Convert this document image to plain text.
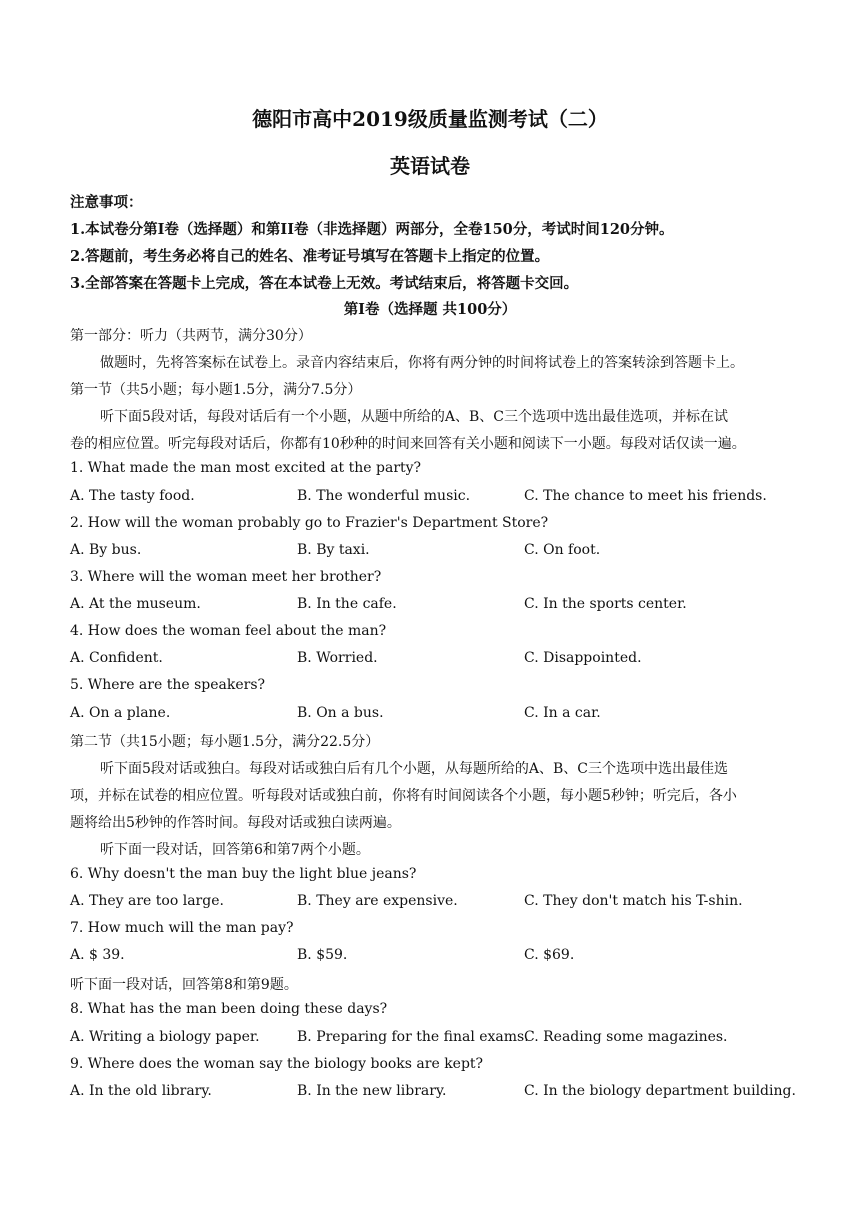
德阳市高中2019级质量监测考试（二）
英语试卷
注意事项：
1.本试卷分第I卷（选择题）和第II卷（非选择题）两部分，全卷150分，考试时间120分钟。
2.答题前，考生务必将自己的姓名、准考证号填写在答题卡上指定的位置。
3.全部答案在答题卡上完成，答在本试卷上无效。考试结束后，将答题卡交回。
第I卷（选择题 共100分）
第一部分：听力（共两节，满分30分）
做题时，先将答案标在试卷上。录音内容结束后，你将有两分钟的时间将试卷上的答案转涂到答题卡上。
第一节（共5小题；每小题1.5分，满分7.5分）
听下面5段对话，每段对话后有一个小题，从题中所给的A、B、C三个选项中选出最佳选项，并标在试
卷的相应位置。听完每段对话后，你都有10秒种的时间来回答有关小题和阅读下一小题。每段对话仅读一遍。
1. What made the man most excited at the party?
A. The tasty food.	B. The wonderful music.	C. The chance to meet his friends.
2. How will the woman probably go to Frazier's Department Store?
A. By bus.	B. By taxi.	C. On foot.
3. Where will the woman meet her brother?
A. At the museum.	B. In the cafe.	C. In the sports center.
4. How does the woman feel about the man?
A. Confident.	B. Worried.	C. Disappointed.
5. Where are the speakers?
A. On a plane.	B. On a bus.	C. In a car.
第二节（共15小题；每小题1.5分，满分22.5分）
听下面5段对话或独白。每段对话或独白后有几个小题，从每题所给的A、B、C三个选项中选出最佳选
项，并标在试卷的相应位置。听每段对话或独白前，你将有时间阅读各个小题，每小题5秒钟；听完后，各小
题将给出5秒钟的作答时间。每段对话或独白读两遍。
听下面一段对话，回答第6和第7两个小题。
6. Why doesn't the man buy the light blue jeans?
A. They are too large.	B. They are expensive.	C. They don't match his T-shin.
7. How much will the man pay?
A. $ 39.	B. $59.	C. $69.
听下面一段对话，回答第8和第9题。
8. What has the man been doing these days?
A. Writing a biology paper.	B. Preparing for the final exams.
C. Reading some magazines.
9. Where does the woman say the biology books are kept?
A. In the old library.	B. In the new library.	C. In the biology department building.
